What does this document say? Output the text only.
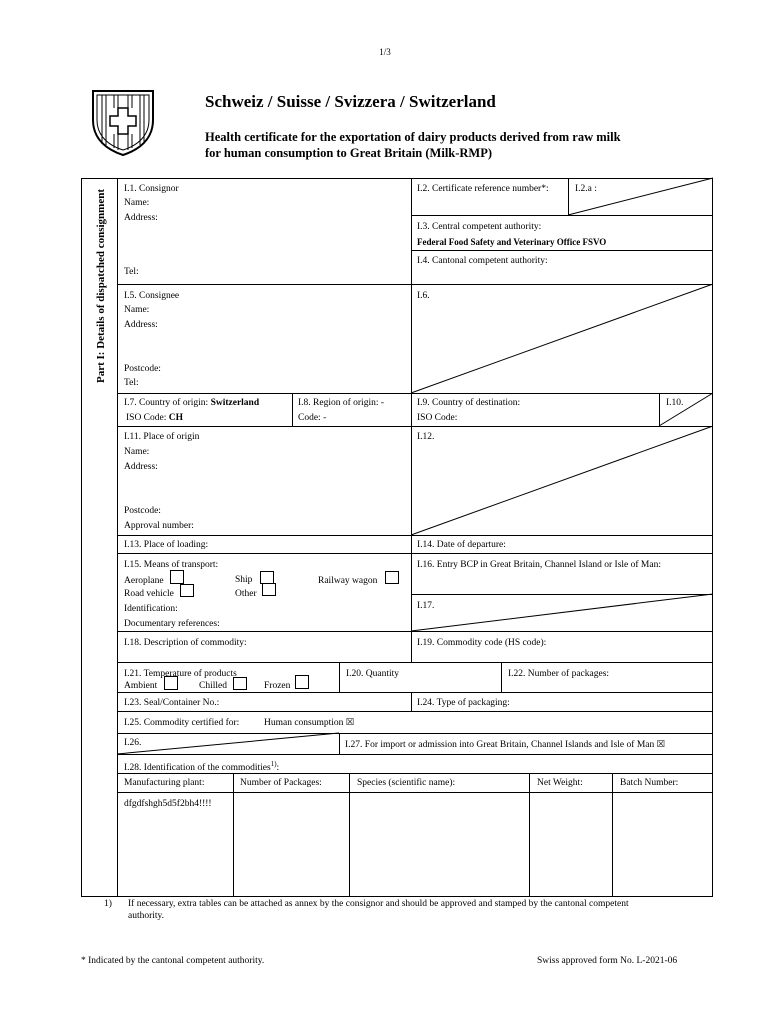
1/3
Schweiz / Suisse / Svizzera / Switzerland
Health certificate for the exportation of dairy products derived from raw milk
for human consumption to Great Britain (Milk-RMP)
Part I: Details of dispatched consignment I.1. Consignor
Name:
Address:
Tel:
I.2. Certificate reference number*:	I.2.a :
I.3. Central competent authority:
Federal Food Safety and Veterinary Office FSVO
I.4. Cantonal competent authority:
I.5. Consignee
Name:
Address:
Postcode:
Tel:
I.6.
I.7. Country of origin: Switzerland
ISO Code: CH
I.8. Region of origin: -
Code: -
I.9. Country of destination:
ISO Code:
I.10.
I.11. Place of origin
Name:
Address:
Postcode:
Approval number:
I.12.
I.13. Place of loading:	I.14. Date of departure:
I.15. Means of transport:
Aeroplane	Ship	Railway wagon
Road vehicle	Other
Identification:
Documentary references:
I.16. Entry BCP in Great Britain, Channel Island or Isle of Man:
I.17.
I.18. Description of commodity:	I.19. Commodity code (HS code):
I.21. Temperature of products
Ambient	Chilled	Frozen
I.20. Quantity	I.22. Number of packages:
I.23. Seal/Container No.:	I.24. Type of packaging:
I.25. Commodity certified for:	Human consumption ☒
I.26.	I.27. For import or admission into Great Britain, Channel Islands and Isle of Man ☒
I.28. Identification of the commodities$^{1)}$:
Manufacturing plant:	Number of Packages:	Species (scientific name):	Net Weight:	Batch Number:
dfgdfshgh5d5f2bh4!!!!
1) If necessary, extra tables can be attached as annex by the consignor and should be approved and stamped by the cantonal competent
authority.
* Indicated by the cantonal competent authority.	Swiss approved form No. L-2021-06
